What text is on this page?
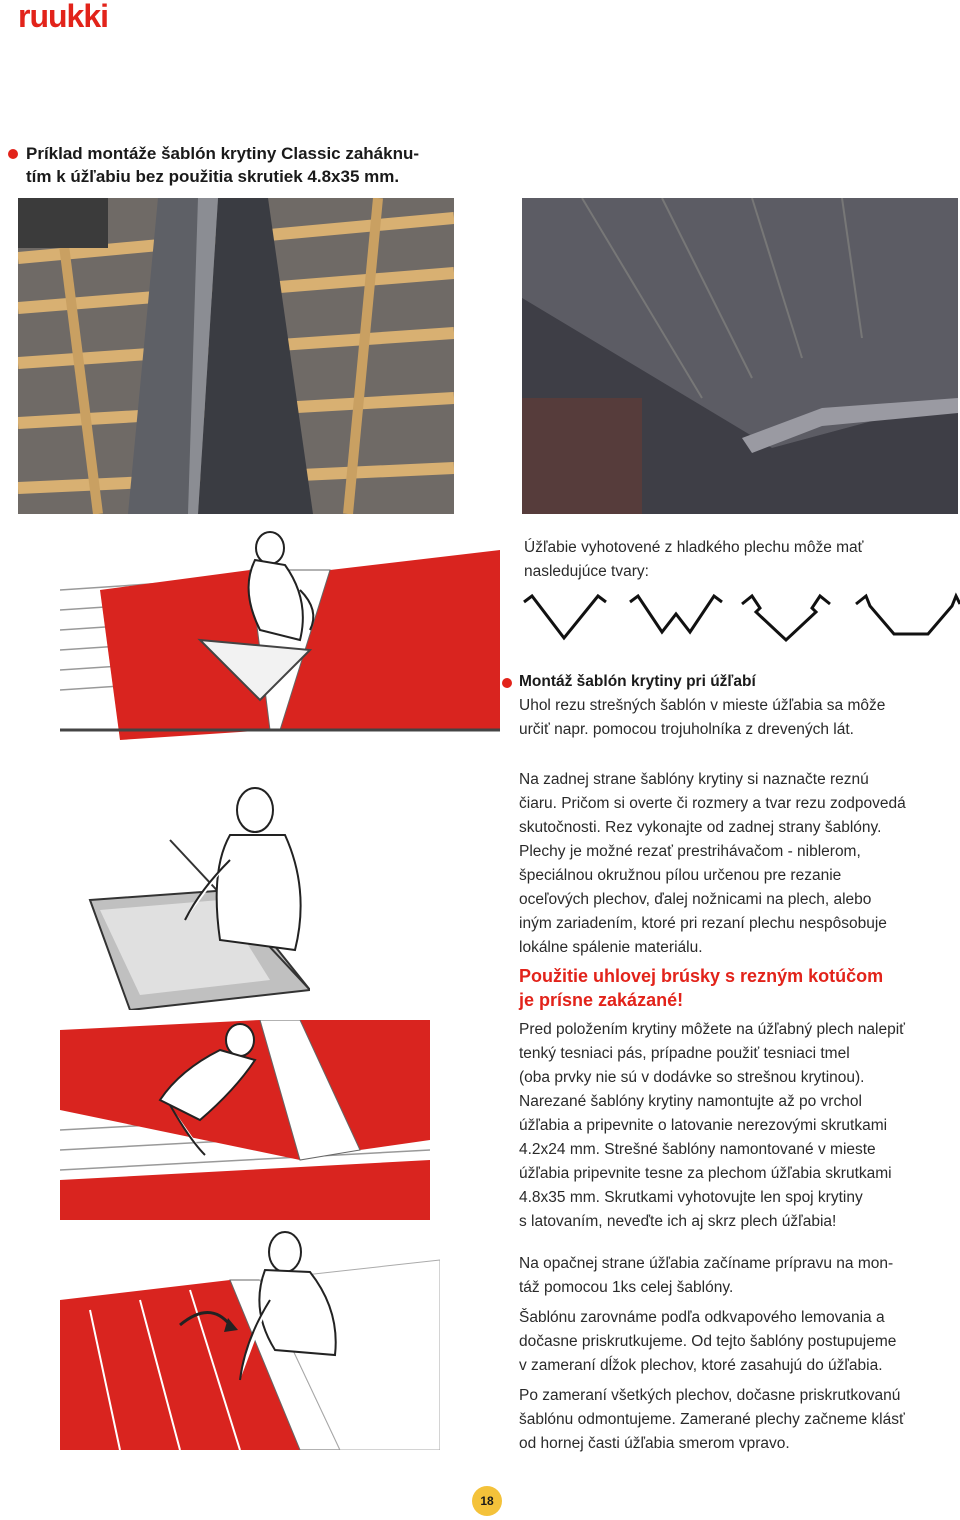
ruukki
Príklad montáže šablón krytiny Classic zaháknu-
tím k úžľabiu bez použitia skrutiek 4.8x35 mm.
Úžľabie vyhotovené z hladkého plechu môže mať
nasledujúce tvary:
Montáž šablón krytiny pri úžľabí
Uhol rezu strešných šablón v mieste úžľabia sa môže
určiť napr. pomocou trojuholníka z drevených lát.
Na zadnej strane šablóny krytiny si naznačte reznú
čiaru. Pričom si overte či rozmery a tvar rezu zodpovedá
skutočnosti. Rez vykonajte od zadnej strany šablóny.
Plechy je možné rezať prestrihávačom - niblerom,
špeciálnou okružnou pílou určenou pre rezanie
oceľových plechov, ďalej nožnicami na plech, alebo
iným zariadením, ktoré pri rezaní plechu nespôsobuje
lokálne spálenie materiálu.
Použitie uhlovej brúsky s rezným kotúčom
je prísne zakázané!
Pred položením krytiny môžete na úžľabný plech nalepiť
tenký tesniaci pás, prípadne použiť tesniaci tmel
(oba prvky nie sú v dodávke so strešnou krytinou).
Narezané šablóny krytiny namontujte až po vrchol
úžľabia a pripevnite o latovanie nerezovými skrutkami
4.2x24 mm. Strešné šablóny namontované v mieste
úžľabia pripevnite tesne za plechom úžľabia skrutkami
4.8x35 mm. Skrutkami vyhotovujte len spoj krytiny
s latovaním, neveďte ich aj skrz plech úžľabia!
Na opačnej strane úžľabia začíname prípravu na mon-
táž pomocou 1ks celej šablóny.
Šablónu zarovnáme podľa odkvapového lemovania a
dočasne priskrutkujeme. Od tejto šablóny postupujeme
v zameraní dĺžok plechov, ktoré zasahujú do úžľabia.
Po zameraní všetkých plechov, dočasne priskrutkovanú
šablónu odmontujeme. Zamerané plechy začneme klásť
od hornej časti úžľabia smerom vpravo.
18
